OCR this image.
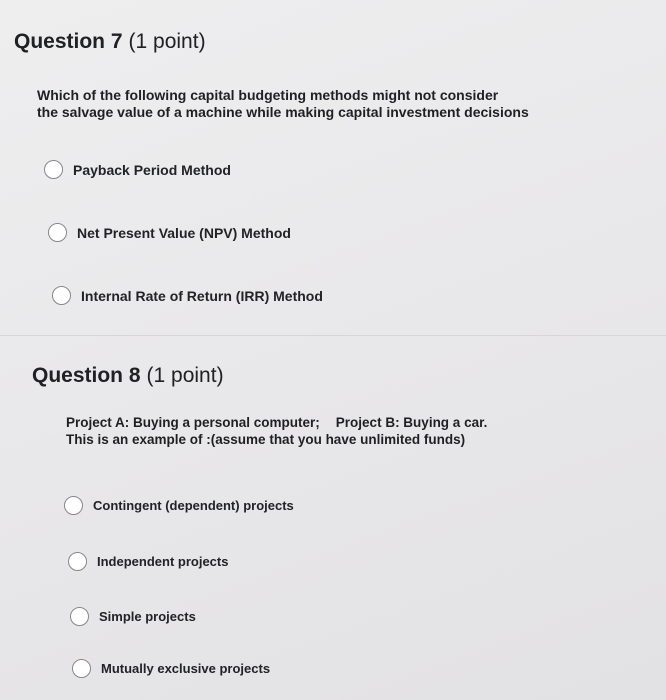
Question 7 (1 point)
Which of the following capital budgeting methods might not consider
the salvage value of a machine while making capital investment decisions
Payback Period Method
Net Present Value (NPV) Method
Internal Rate of Return (IRR) Method
Question 8 (1 point)
Project A: Buying a personal computer; Project B: Buying a car.
This is an example of :(assume that you have unlimited funds)
Contingent (dependent) projects
Independent projects
Simple projects
Mutually exclusive projects
